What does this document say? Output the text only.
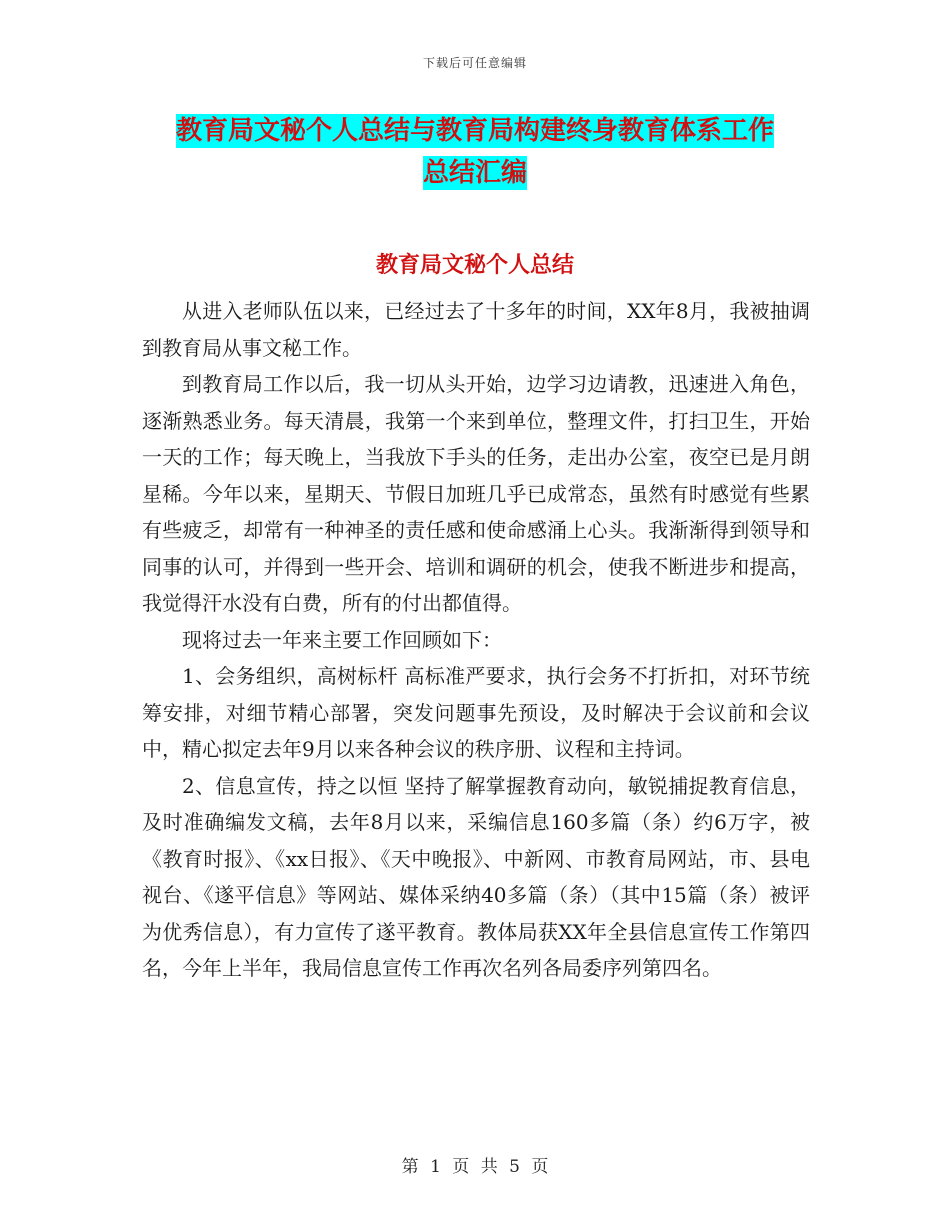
下载后可任意编辑
教育局文秘个人总结与教育局构建终身教育体系工作
总结汇编
教育局文秘个人总结

从进入老师队伍以来，已经过去了十多年的时间，XX年8月，我被抽调到教育局从事文秘工作。

到教育局工作以后，我一切从头开始，边学习边请教，迅速进入角色，逐渐熟悉业务。每天清晨，我第一个来到单位，整理文件，打扫卫生，开始一天的工作；每天晚上，当我放下手头的任务，走出办公室，夜空已是月朗星稀。今年以来，星期天、节假日加班几乎已成常态，虽然有时感觉有些累有些疲乏，却常有一种神圣的责任感和使命感涌上心头。我渐渐得到领导和同事的认可，并得到一些开会、培训和调研的机会，使我不断进步和提高，我觉得汗水没有白费，所有的付出都值得。

现将过去一年来主要工作回顾如下：

1、会务组织，高树标杆 高标准严要求，执行会务不打折扣，对环节统筹安排，对细节精心部署，突发问题事先预设，及时解决于会议前和会议中，精心拟定去年9月以来各种会议的秩序册、议程和主持词。

2、信息宣传，持之以恒 坚持了解掌握教育动向，敏锐捕捉教育信息，及时准确编发文稿，去年8月以来，采编信息160多篇（条）约6万字，被《教育时报》、《xx日报》、《天中晚报》、中新网、市教育局网站，市、县电视台、《遂平信息》等网站、媒体采纳40多篇（条）（其中15篇（条）被评为优秀信息），有力宣传了遂平教育。教体局获XX年全县信息宣传工作第四名，今年上半年，我局信息宣传工作再次名列各局委序列第四名。

第 1 页 共 5 页
